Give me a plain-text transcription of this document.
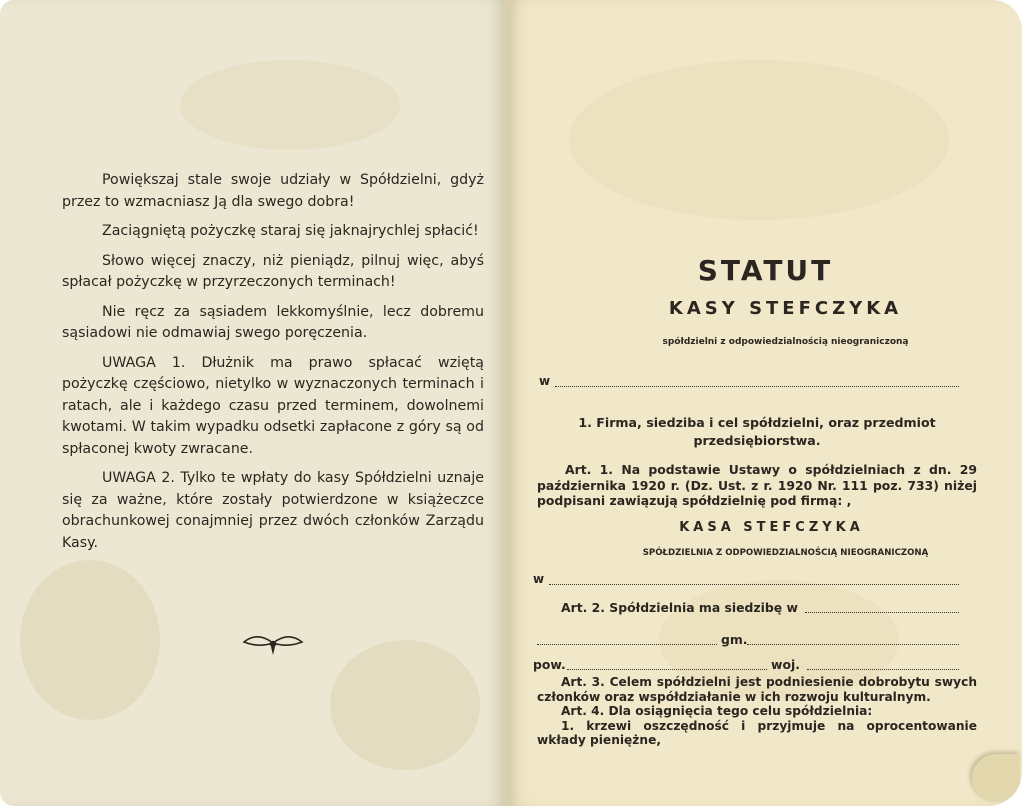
Powiększaj stale swoje udziały w Spółdzielni, gdyż przez to wzmacniasz Ją dla swego dobra!

Zaciągniętą pożyczkę staraj się jaknajrychlej spłacić!

Słowo więcej znaczy, niż pieniądz, pilnuj więc, abyś spłacał pożyczkę w przyrzeczonych terminach!

Nie ręcz za sąsiadem lekkomyślnie, lecz dobremu sąsiadowi nie odmawiaj swego poręczenia.

UWAGA 1. Dłużnik ma prawo spłacać wziętą pożyczkę częściowo, nietylko w wyznaczonych terminach i ratach, ale i każdego czasu przed terminem, dowolnemi kwotami. W takim wypadku odsetki zapłacone z góry są od spłaconej kwoty zwracane.

UWAGA 2. Tylko te wpłaty do kasy Spółdzielni uznaje się za ważne, które zostały potwierdzone w książeczce obrachunkowej conajmniej przez dwóch członków Zarządu Kasy.

STATUT
KASY STEFCZYKA
spółdzielni z odpowiedzialnością nieograniczoną
w
1. Firma, siedziba i cel spółdzielni, oraz przedmiot przedsiębiorstwa.
Art. 1. Na podstawie Ustawy o spółdzielniach z dn. 29 października 1920 r. (Dz. Ust. z r. 1920 Nr. 111 poz. 733) niżej podpisani zawiązują spółdzielnię pod firmą: ,
KASA STEFCZYKA
SPÓŁDZIELNIA Z ODPOWIEDZIALNOŚCIĄ NIEOGRANICZONĄ
w
Art. 2. Spółdzielnia ma siedzibę w
gm.
pow.	woj.
Art. 3. Celem spółdzielni jest podniesienie dobrobytu swych członków oraz współdziałanie w ich rozwoju kulturalnym.
Art. 4. Dla osiągnięcia tego celu spółdzielnia:
1. krzewi oszczędność i przyjmuje na oprocentowanie wkłady pieniężne,
